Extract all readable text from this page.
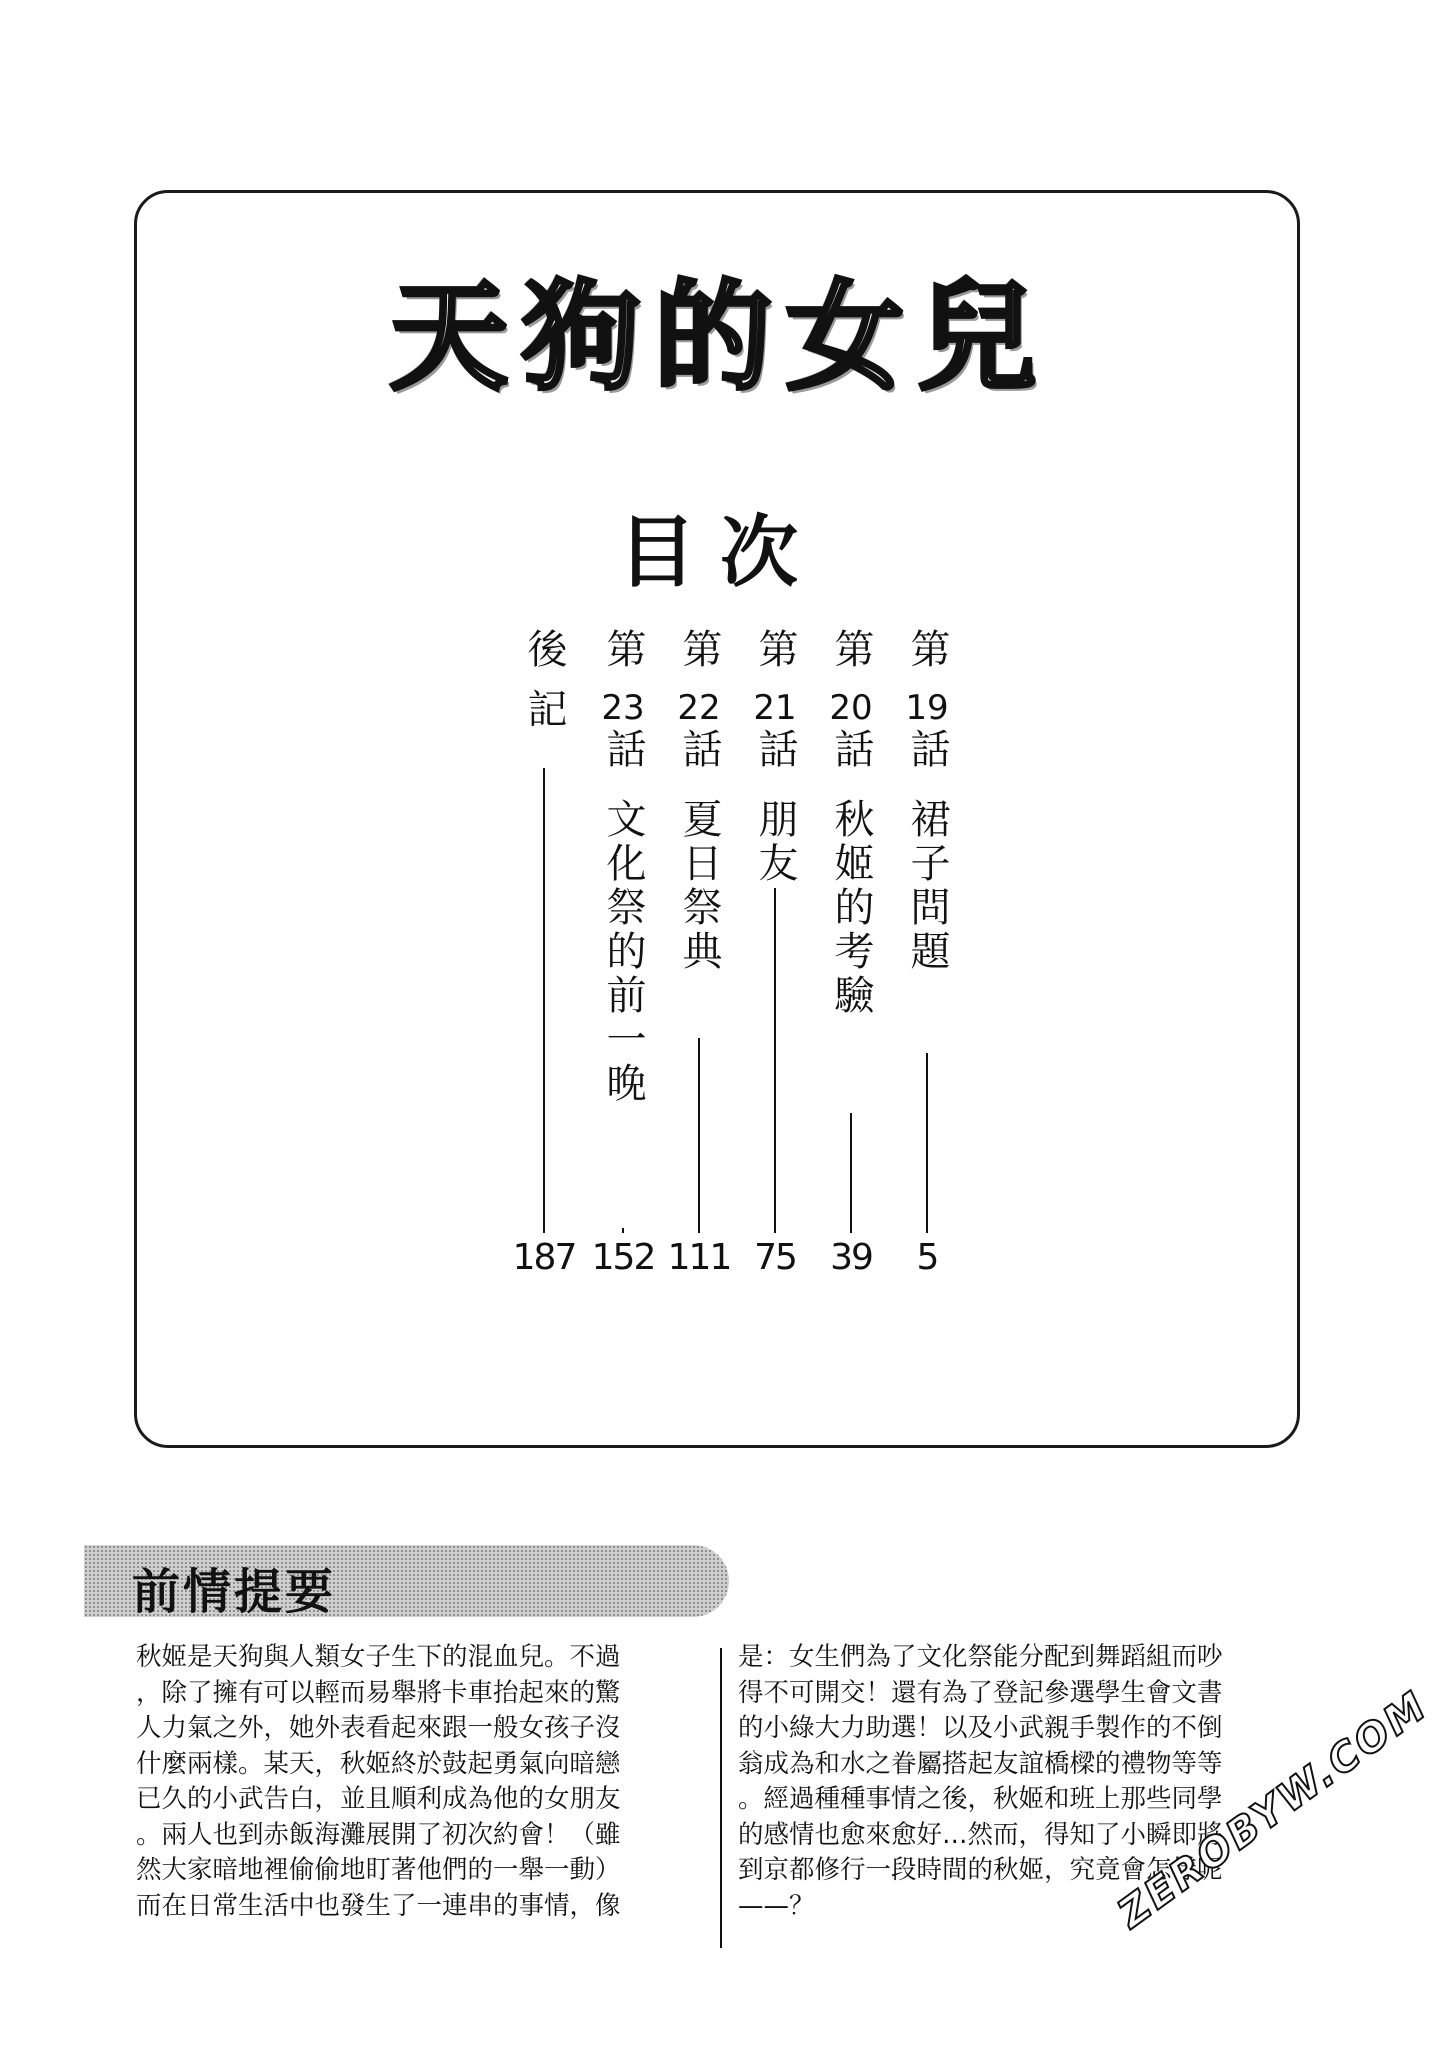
天狗的女兒
目次
第
19
話
裙子問題
5
第
20
話
秋姬的考驗
39
第
21
話
朋友
75
第
22
話
夏日祭典
111
第
23
話
文化祭的前一晚
152
後記
187
前情提要
秋姬是天狗與人類女子生下的混血兒。不過
，除了擁有可以輕而易舉將卡車抬起來的驚
人力氣之外，她外表看起來跟一般女孩子沒
什麼兩樣。某天，秋姬終於鼓起勇氣向暗戀
已久的小武告白，並且順利成為他的女朋友
。兩人也到赤飯海灘展開了初次約會！（雖
然大家暗地裡偷偷地盯著他們的一舉一動）
而在日常生活中也發生了一連串的事情，像
是：女生們為了文化祭能分配到舞蹈組而吵
得不可開交！還有為了登記參選學生會文書
的小綠大力助選！以及小武親手製作的不倒
翁成為和水之眷屬搭起友誼橋樑的禮物等等
。經過種種事情之後，秋姬和班上那些同學
的感情也愈來愈好…然而，得知了小瞬即將
到京都修行一段時間的秋姬，究竟會怎樣呢
——？	ZEROBYW.COM
